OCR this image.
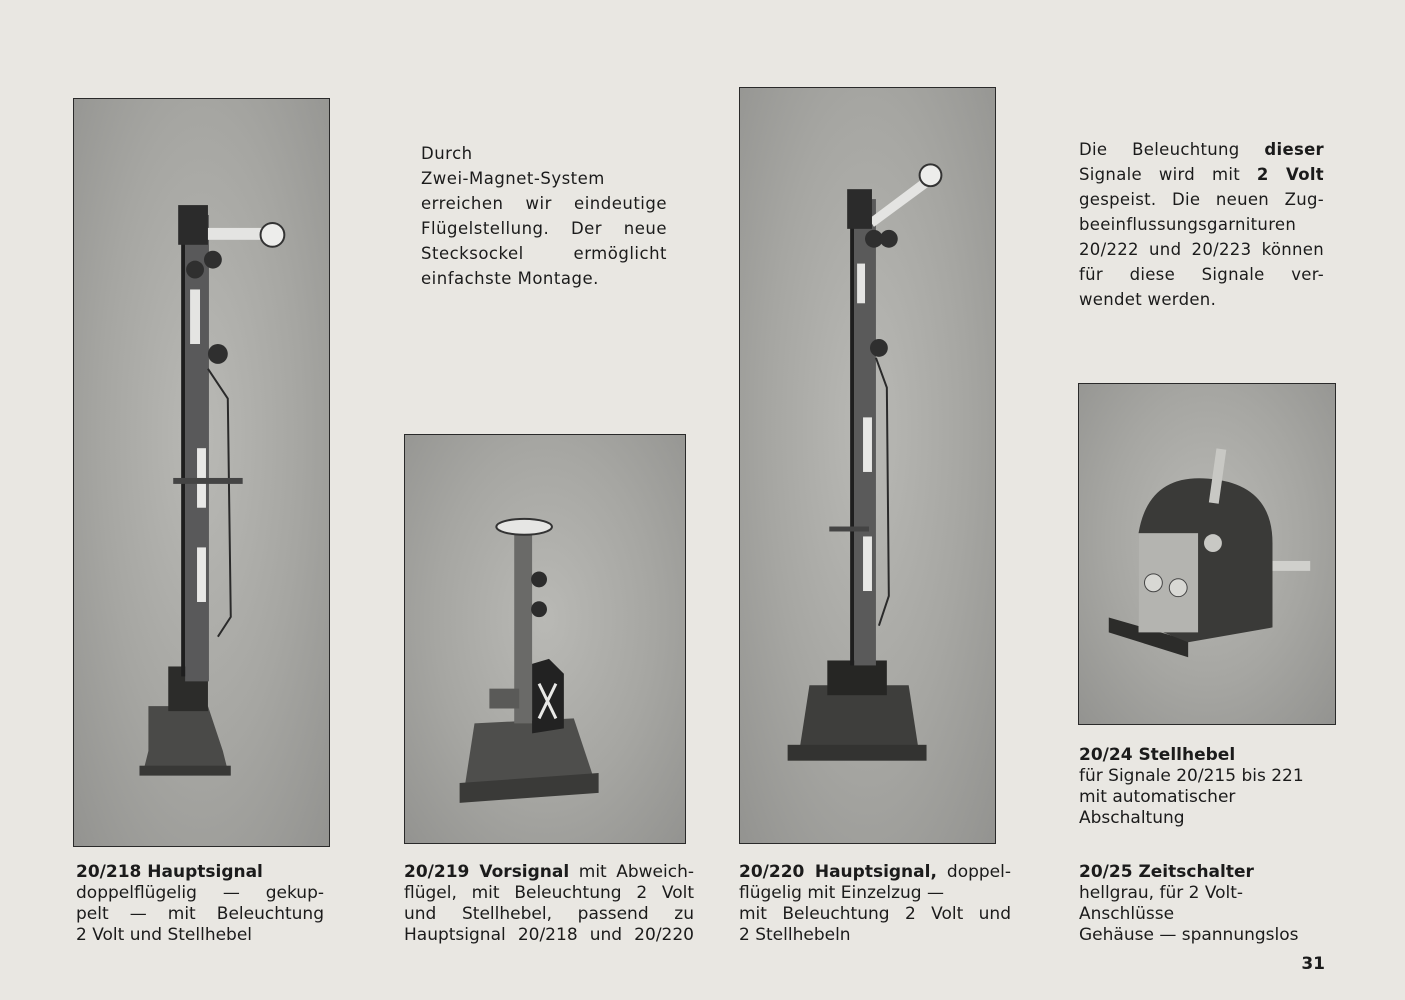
Durch
Zwei-Magnet-System
erreichen wir eindeutige
Flügelstellung. Der neue
Stecksockel ermöglicht
einfachste Montage.
Die Beleuchtung dieser
Signale wird mit 2 Volt
gespeist. Die neuen Zug-
beeinflussungsgarnituren
20/222 und 20/223 können
für diese Signale ver-
wendet werden.
20/218 Hauptsignal
doppelflügelig — gekup-
pelt — mit Beleuchtung
2 Volt und Stellhebel
20/219 Vorsignal mit Abweich-
flügel, mit Beleuchtung 2 Volt
und Stellhebel, passend zu
Hauptsignal 20/218 und 20/220
20/220 Hauptsignal, doppel-
flügelig mit Einzelzug —
mit Beleuchtung 2 Volt und
2 Stellhebeln
20/24 Stellhebel
für Signale 20/215 bis 221
mit automatischer
Abschaltung
20/25 Zeitschalter
hellgrau, für 2 Volt-
Anschlüsse
Gehäuse — spannungslos
31
